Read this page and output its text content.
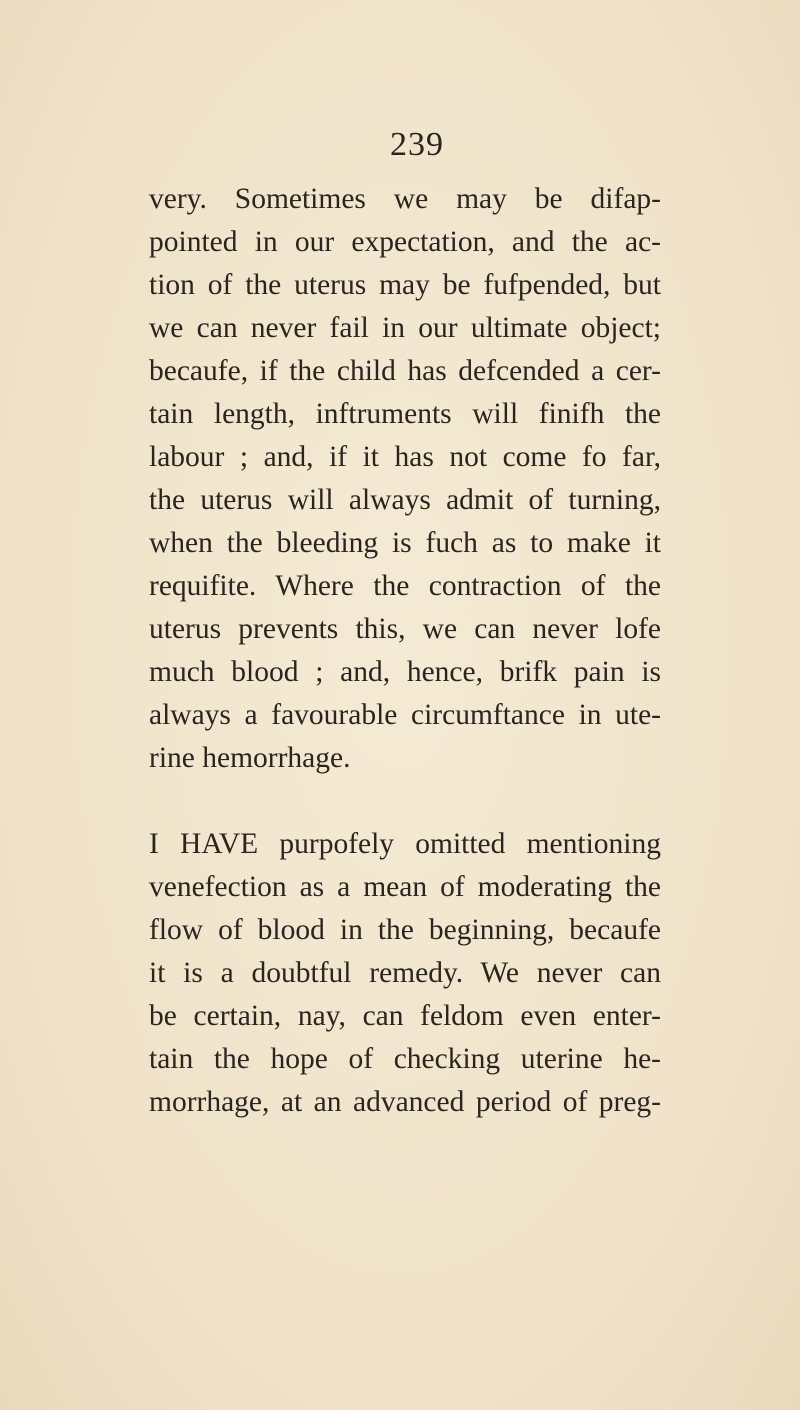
239
very. Sometimes we may be difap-
pointed in our expectation, and the ac-
tion of the uterus may be fufpended, but
we can never fail in our ultimate object;
becaufe, if the child has defcended a cer-
tain length, inftruments will finifh the
labour ; and, if it has not come fo far,
the uterus will always admit of turning,
when the bleeding is fuch as to make it
requifite. Where the contraction of the
uterus prevents this, we can never lofe
much blood ; and, hence, brifk pain is
always a favourable circumftance in ute-
rine hemorrhage.
I HAVE purpofely omitted mentioning
venefection as a mean of moderating the
flow of blood in the beginning, becaufe
it is a doubtful remedy. We never can
be certain, nay, can feldom even enter-
tain the hope of checking uterine he-
morrhage, at an advanced period of preg-
